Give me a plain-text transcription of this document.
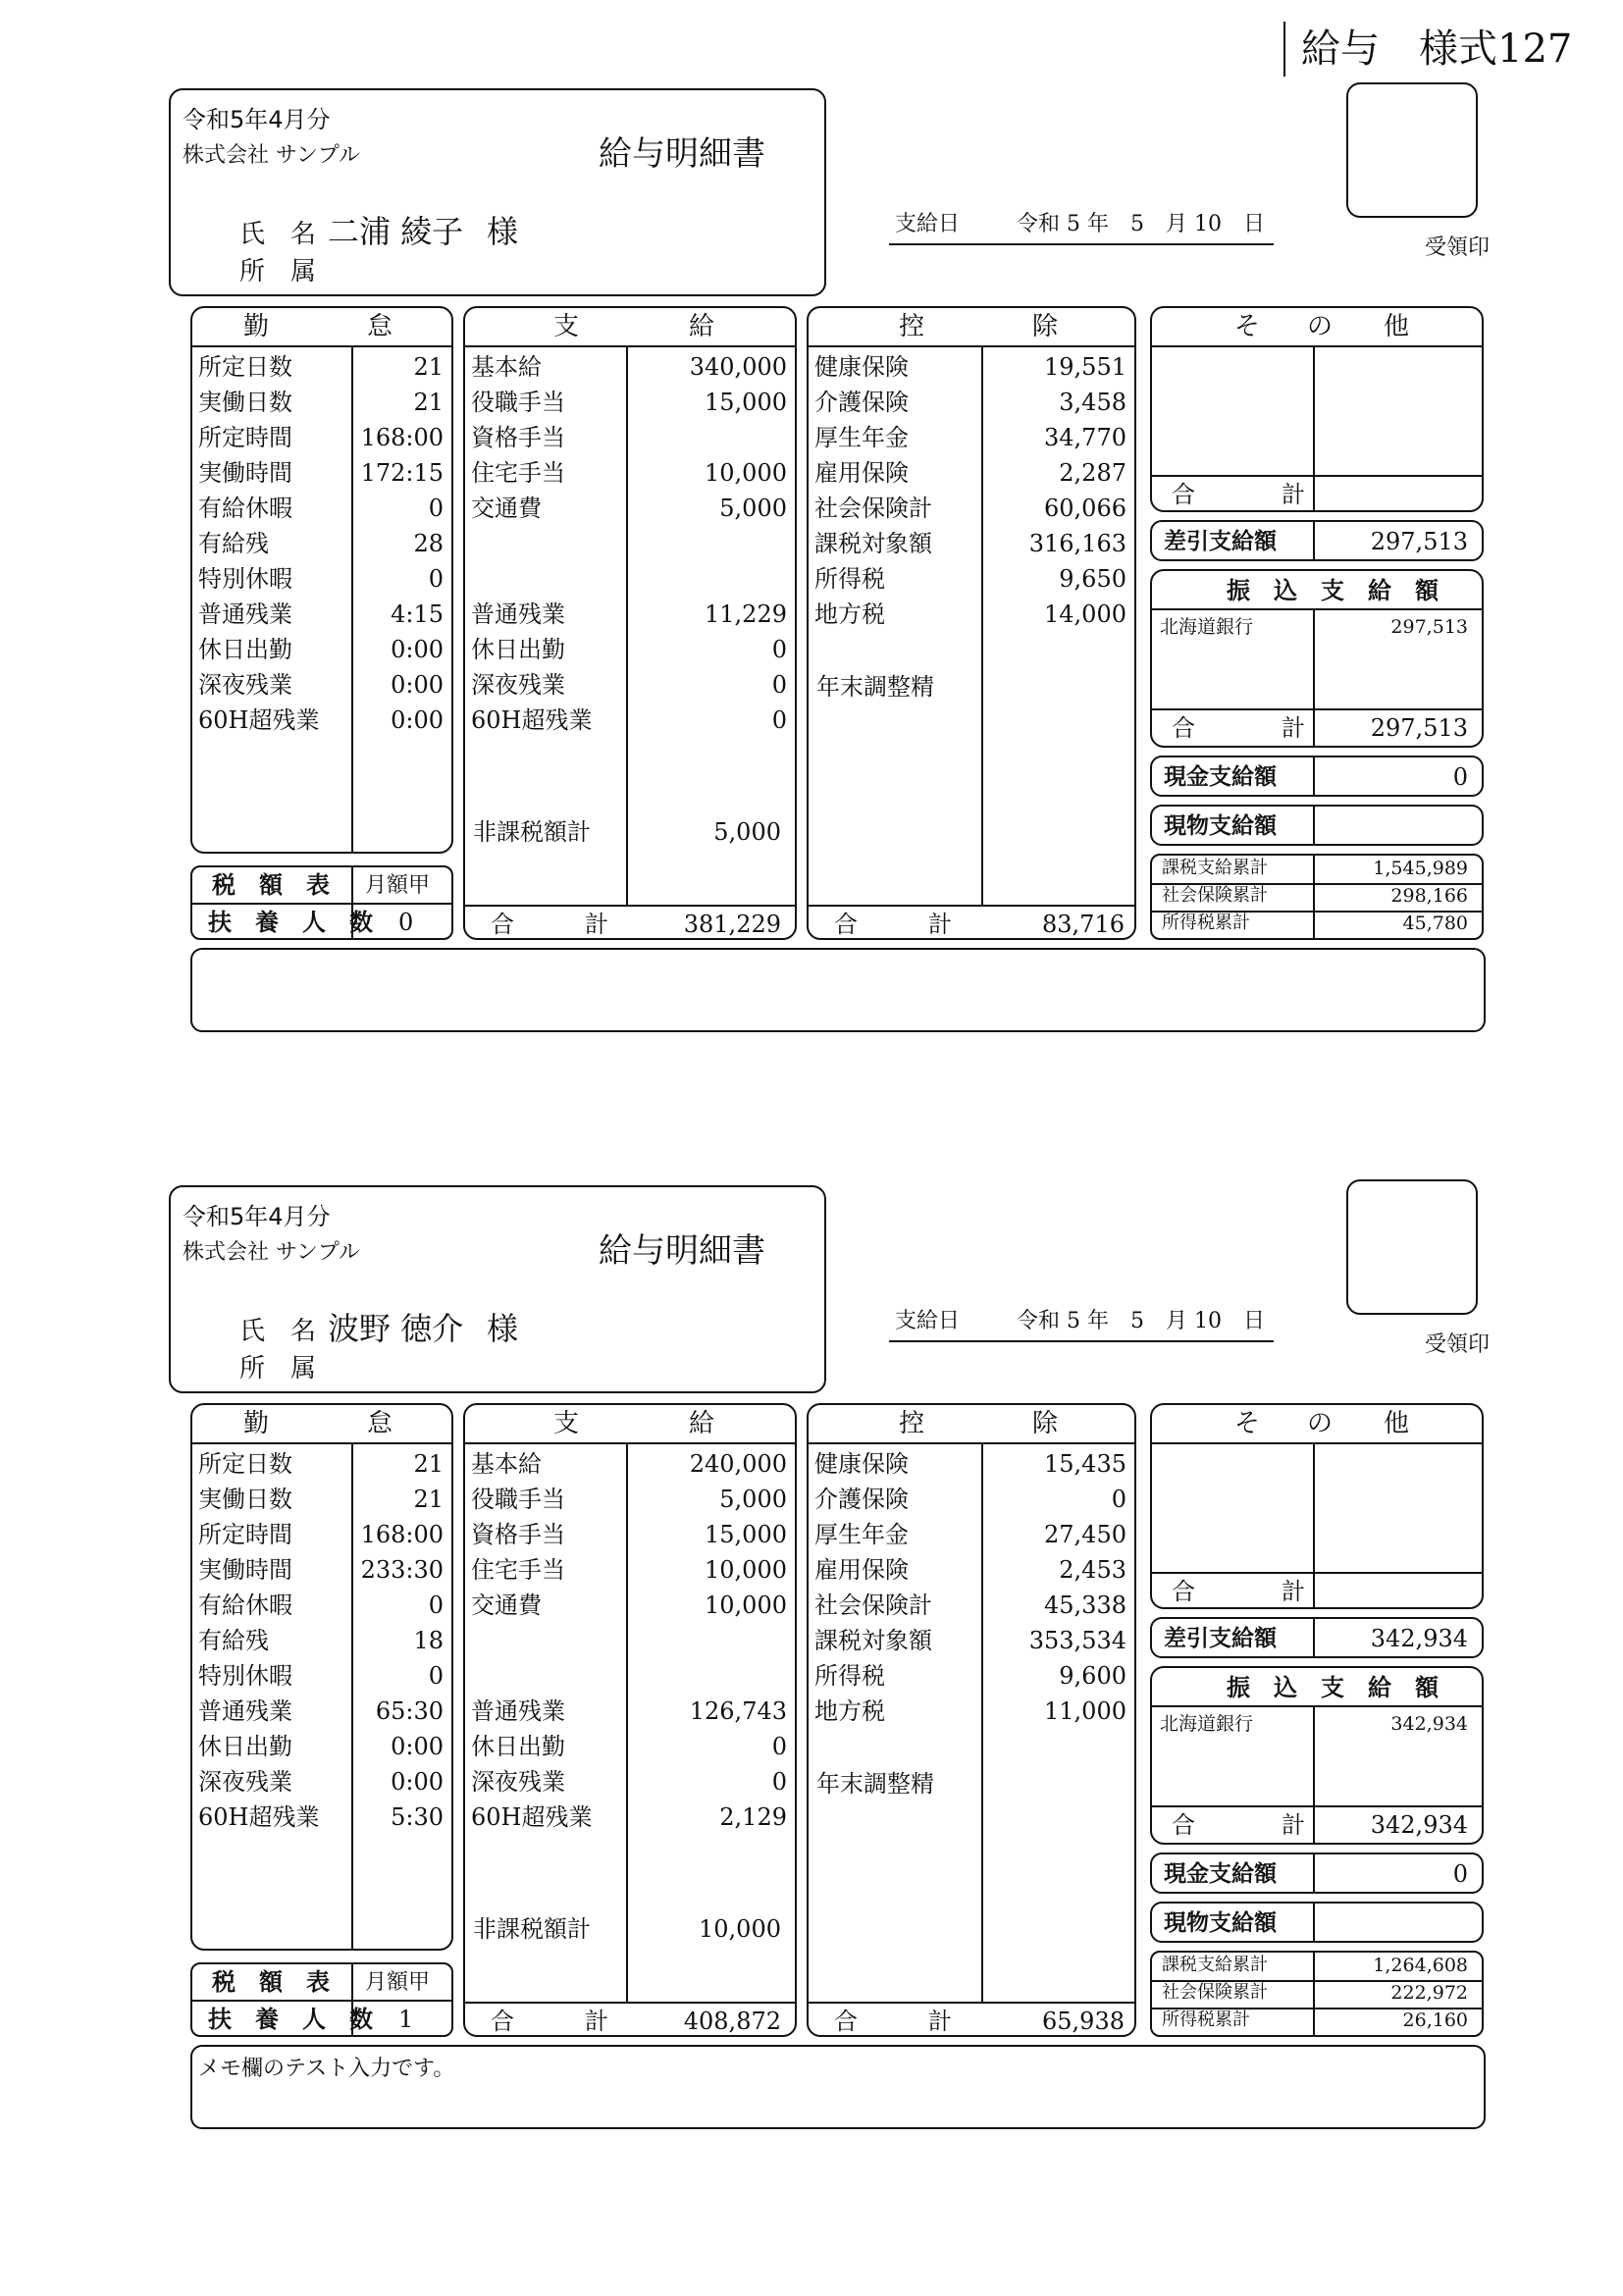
給与　様式127
令和5年4月分
株式会社 サンプル	給与明細書
氏　名 二浦 綾子 様
所　属
支給日	令和 5 年　5　月 10　日
受領印
勤	怠
所定日数	21
実働日数	21
所定時間	168:00
実働時間	172:15
有給休暇	0
有給残	28
特別休暇	0
普通残業	4:15
休日出勤	0:00
深夜残業	0:00
60H超残業	0:00
税　額　表 月額甲
扶　養　人　数 0
支	給
基本給	340,000
役職手当	15,000
資格手当
住宅手当	10,000
交通費	5,000
普通残業	11,229
休日出勤	0
深夜残業	0
60H超残業	0
非課税額計	5,000
合	計	381,229
控	除
健康保険	19,551
介護保険	3,458
厚生年金	34,770
雇用保険	2,287
社会保険計	60,066
課税対象額	316,163
所得税	9,650
地方税	14,000
年末調整精
合	計	83,716
そ の 他
合	計
差引支給額	297,513
振　込　支　給　額
北海道銀行	297,513
合	計	297,513
現金支給額	0
現物支給額
課税支給累計	1,545,989
社会保険累計	298,166
所得税累計	45,780
令和5年4月分
株式会社 サンプル	給与明細書
氏　名 波野 徳介 様
所　属
支給日	令和 5 年　5　月 10　日
受領印
勤	怠
所定日数	21
実働日数	21
所定時間	168:00
実働時間	233:30
有給休暇	0
有給残	18
特別休暇	0
普通残業	65:30
休日出勤	0:00
深夜残業	0:00
60H超残業	5:30
税　額　表 月額甲
扶　養　人　数 1
支	給
基本給	240,000
役職手当	5,000
資格手当	15,000
住宅手当	10,000
交通費	10,000
普通残業	126,743
休日出勤	0
深夜残業	0
60H超残業	2,129
非課税額計	10,000
合	計	408,872
控	除
健康保険	15,435
介護保険	0
厚生年金	27,450
雇用保険	2,453
社会保険計	45,338
課税対象額	353,534
所得税	9,600
地方税	11,000
年末調整精
合	計	65,938
そ の 他
合	計
差引支給額	342,934
振　込　支　給　額
北海道銀行	342,934
合	計	342,934
現金支給額	0
現物支給額
課税支給累計	1,264,608
社会保険累計	222,972
所得税累計	26,160
メモ欄のテスト入力です。
